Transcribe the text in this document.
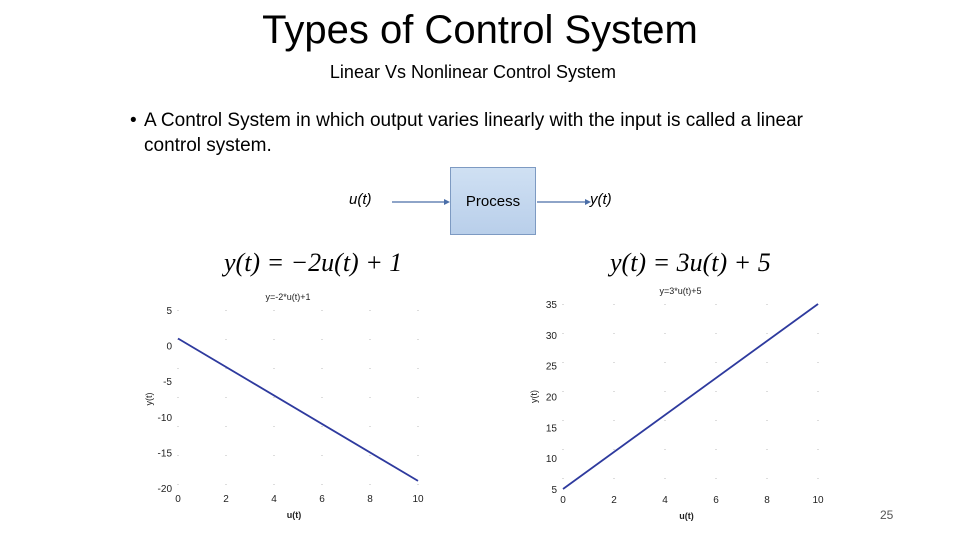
Types of Control System
Linear Vs Nonlinear Control System
• A Control System in which output varies linearly with the input is called a linear control system.
u(t)	Process	y(t)
y(t) = −2u(t) + 1	y(t) = 3u(t) + 5
0	2	4	6	8	10
5
0
-5
-10
-15
-20
y=-2*u(t)+1
u(t)
y(t)
0	2	4	6	8	10
35
30
25
20
15
10
5
y=3*u(t)+5
u(t)
y(t)
25
